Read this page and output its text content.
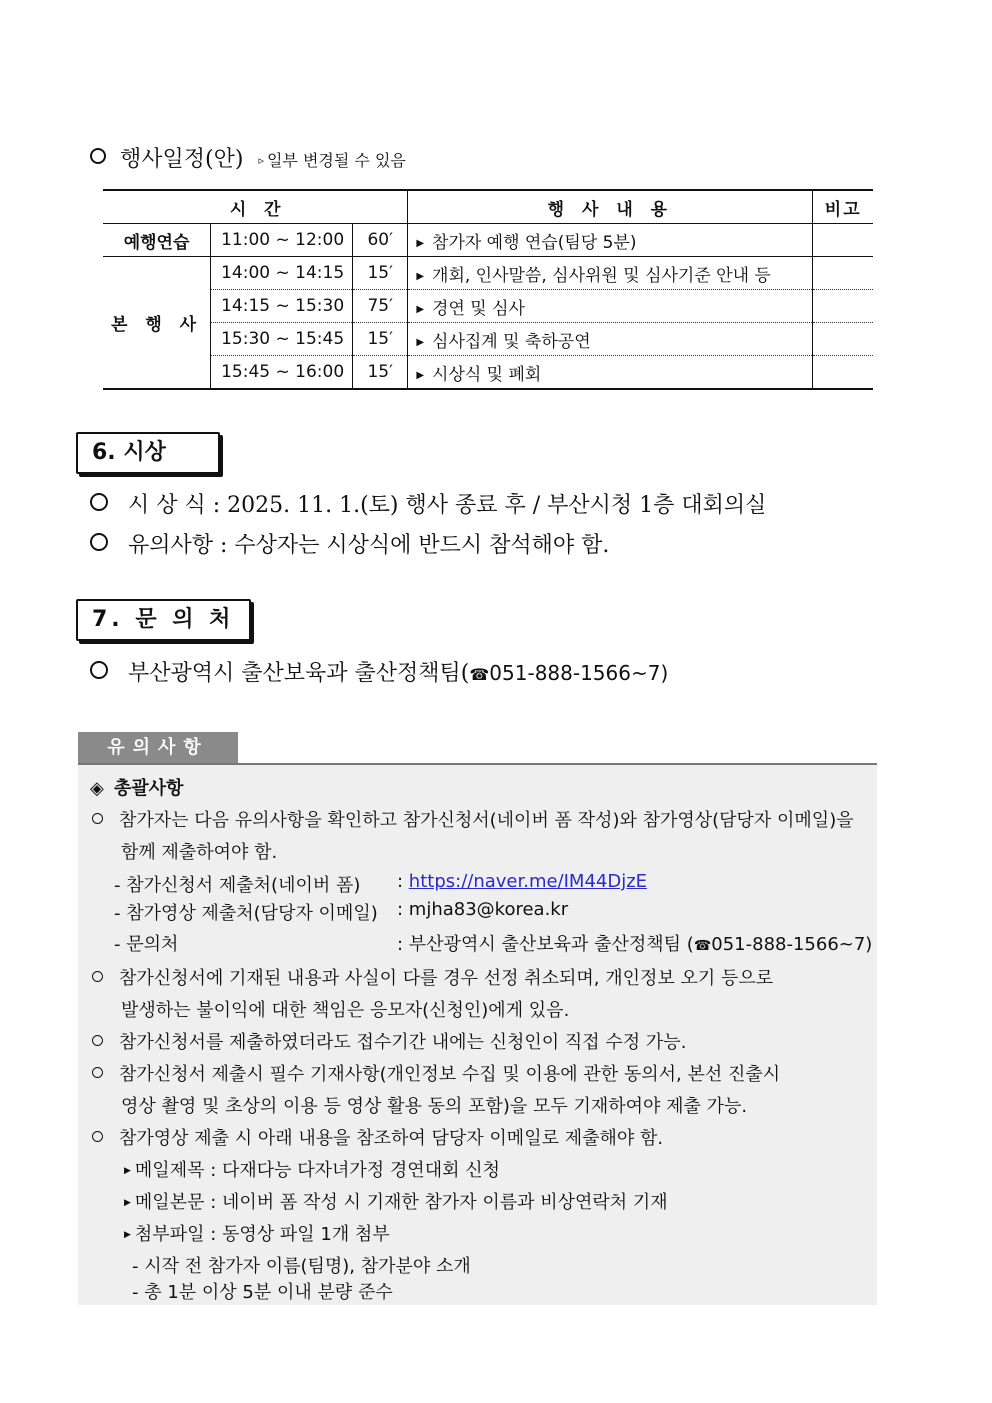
행사일정(안) ▹ 일부 변경될 수 있음
시   간			행 사 내 용	비고
예행연습	11:00 ~ 12:00	60′	▶ 참가자 예행 연습(팀당 5분)	
본 행 사	14:00 ~ 14:15	15′	▶ 개회, 인사말씀, 심사위원 및 심사기준 안내 등	
	14:15 ~ 15:30	75′	▶ 경연 및 심사	
	15:30 ~ 15:45	15′	▶ 심사집계 및 축하공연	
	15:45 ~ 16:00	15′	▶ 시상식 및 폐회	
6. 시상
시 상 식 : 2025. 11. 1.(토) 행사 종료 후 / 부산시청 1층 대회의실
유의사항 : 수상자는 시상식에 반드시 참석해야 함.
7. 문 의 처
부산광역시 출산보육과 출산정책팀(☎051-888-1566~7)
유의사항
◈ 총괄사항
참가자는 다음 유의사항을 확인하고 참가신청서(네이버 폼 작성)와 참가영상(담당자 이메일)을
함께 제출하여야 함.
- 참가신청서 제출처(네이버 폼) : https://naver.me/IM44DjzE
- 참가영상 제출처(담당자 이메일) : mjha83@korea.kr
- 문의처	: 부산광역시 출산보육과 출산정책팀 (☎051-888-1566~7)
참가신청서에 기재된 내용과 사실이 다를 경우 선정 취소되며, 개인정보 오기 등으로
발생하는 불이익에 대한 책임은 응모자(신청인)에게 있음.
참가신청서를 제출하였더라도 접수기간 내에는 신청인이 직접 수정 가능.
참가신청서 제출시 필수 기재사항(개인정보 수집 및 이용에 관한 동의서, 본선 진출시
영상 촬영 및 초상의 이용 등 영상 활용 동의 포함)을 모두 기재하여야 제출 가능.
참가영상 제출 시 아래 내용을 참조하여 담당자 이메일로 제출해야 함.
▶ 메일제목 : 다재다능 다자녀가정 경연대회 신청
▶ 메일본문 : 네이버 폼 작성 시 기재한 참가자 이름과 비상연락처 기재
▶ 첨부파일 : 동영상 파일 1개 첨부
- 시작 전 참가자 이름(팀명), 참가분야 소개
- 총 1분 이상 5분 이내 분량 준수
